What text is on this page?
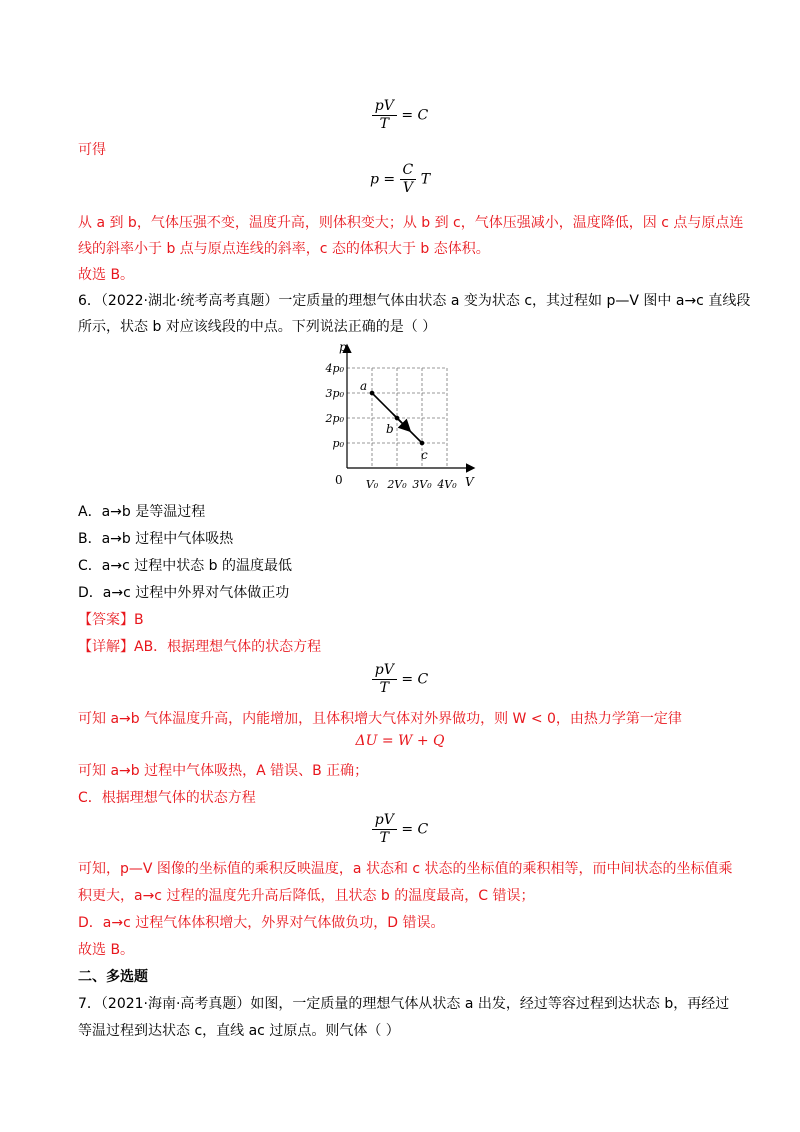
$\frac{pV}{T} = C$
可得
$p = \frac{C}{V}$ T
从 a 到 b，气体压强不变，温度升高，则体积变大；从 b 到 c，气体压强减小，温度降低，因 c 点与原点连
线的斜率小于 b 点与原点连线的斜率，c 态的体积大于 b 态体积。
故选 B。
6．（2022·湖北·统考高考真题）一定质量的理想气体由状态 a 变为状态 c，其过程如 p—V 图中 a→c 直线段
所示，状态 b 对应该线段的中点。下列说法正确的是（ ）
p
V
0
p₀
2p₀
3p₀
4p₀
V₀ 2V₀ 3V₀ 4V₀
a
b
c
A．a→b 是等温过程
B．a→b 过程中气体吸热
C．a→c 过程中状态 b 的温度最低
D．a→c 过程中外界对气体做正功
【答案】B
【详解】AB．根据理想气体的状态方程
$\frac{pV}{T} = C$
可知 a→b 气体温度升高，内能增加，且体积增大气体对外界做功，则 W < 0，由热力学第一定律
ΔU = W + Q
可知 a→b 过程中气体吸热，A 错误、B 正确；
C．根据理想气体的状态方程
$\frac{pV}{T} = C$
可知，p—V 图像的坐标值的乘积反映温度，a 状态和 c 状态的坐标值的乘积相等，而中间状态的坐标值乘
积更大，a→c 过程的温度先升高后降低，且状态 b 的温度最高，C 错误；
D．a→c 过程气体体积增大，外界对气体做负功，D 错误。
故选 B。
二、多选题
7．（2021·海南·高考真题）如图，一定质量的理想气体从状态 a 出发，经过等容过程到达状态 b，再经过
等温过程到达状态 c，直线 ac 过原点。则气体（ ）
